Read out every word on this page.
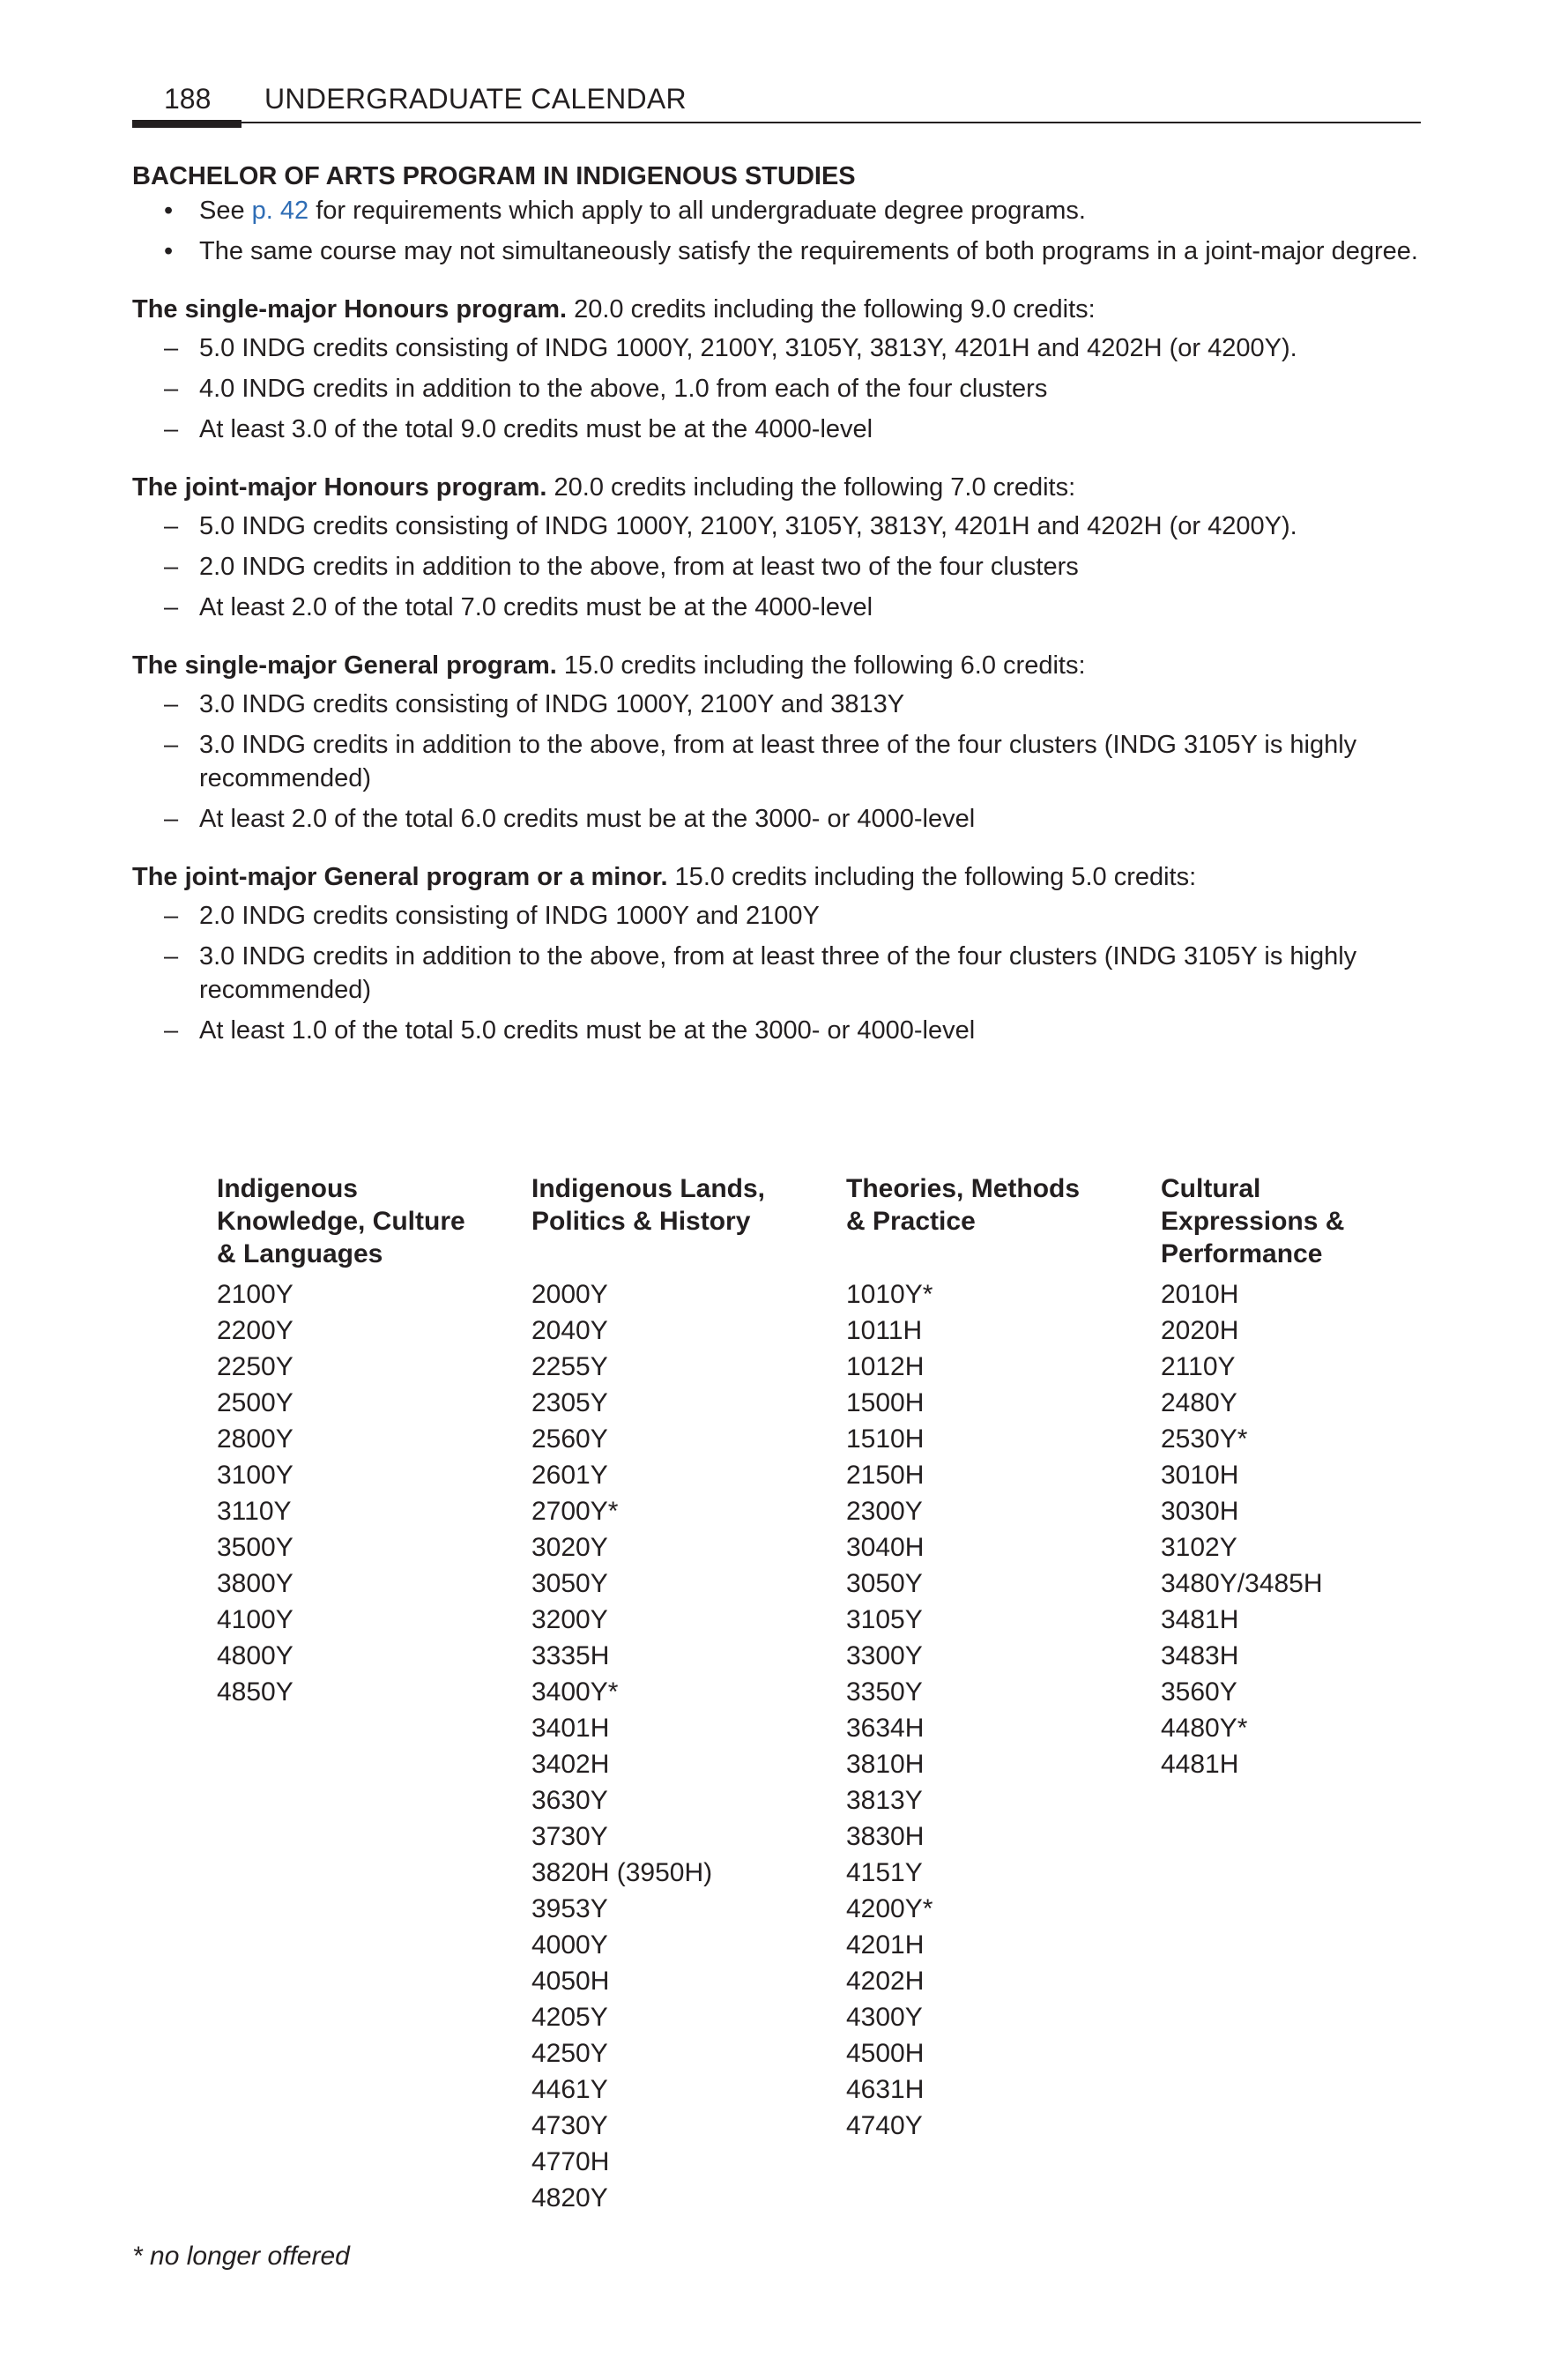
188 UNDERGRADUATE CALENDAR
BACHELOR OF ARTS PROGRAM IN INDIGENOUS STUDIES
• See p. 42 for requirements which apply to all undergraduate degree programs.
• The same course may not simultaneously satisfy the requirements of both programs in a joint-major degree.

The single-major Honours program. 20.0 credits including the following 9.0 credits:

– 5.0 INDG credits consisting of INDG 1000Y, 2100Y, 3105Y, 3813Y, 4201H and 4202H (or 4200Y).
– 4.0 INDG credits in addition to the above, 1.0 from each of the four clusters
– At least 3.0 of the total 9.0 credits must be at the 4000-level

The joint-major Honours program. 20.0 credits including the following 7.0 credits:

– 5.0 INDG credits consisting of INDG 1000Y, 2100Y, 3105Y, 3813Y, 4201H and 4202H (or 4200Y).
– 2.0 INDG credits in addition to the above, from at least two of the four clusters
– At least 2.0 of the total 7.0 credits must be at the 4000-level

The single-major General program. 15.0 credits including the following 6.0 credits:

– 3.0 INDG credits consisting of INDG 1000Y, 2100Y and 3813Y
– 3.0 INDG credits in addition to the above, from at least three of the four clusters (INDG 3105Y is highly recommended)
– At least 2.0 of the total 6.0 credits must be at the 3000- or 4000-level

The joint-major General program or a minor. 15.0 credits including the following 5.0 credits:

– 2.0 INDG credits consisting of INDG 1000Y and 2100Y
– 3.0 INDG credits in addition to the above, from at least three of the four clusters (INDG 3105Y is highly recommended)
– At least 1.0 of the total 5.0 credits must be at the 3000- or 4000-level
Indigenous
Knowledge, Culture
& Languages
2100Y
2200Y
2250Y
2500Y
2800Y
3100Y
3110Y
3500Y
3800Y
4100Y
4800Y
4850Y
Indigenous Lands,
Politics & History
2000Y
2040Y
2255Y
2305Y
2560Y
2601Y
2700Y*
3020Y
3050Y
3200Y
3335H
3400Y*
3401H
3402H
3630Y
3730Y
3820H (3950H)
3953Y
4000Y
4050H
4205Y
4250Y
4461Y
4730Y
4770H
4820Y
Theories, Methods
& Practice
1010Y*
1011H
1012H
1500H
1510H
2150H
2300Y
3040H
3050Y
3105Y
3300Y
3350Y
3634H
3810H
3813Y
3830H
4151Y
4200Y*
4201H
4202H
4300Y
4500H
4631H
4740Y
Cultural
Expressions &
Performance
2010H
2020H
2110Y
2480Y
2530Y*
3010H
3030H
3102Y
3480Y/3485H
3481H
3483H
3560Y
4480Y*
4481H
* no longer offered
